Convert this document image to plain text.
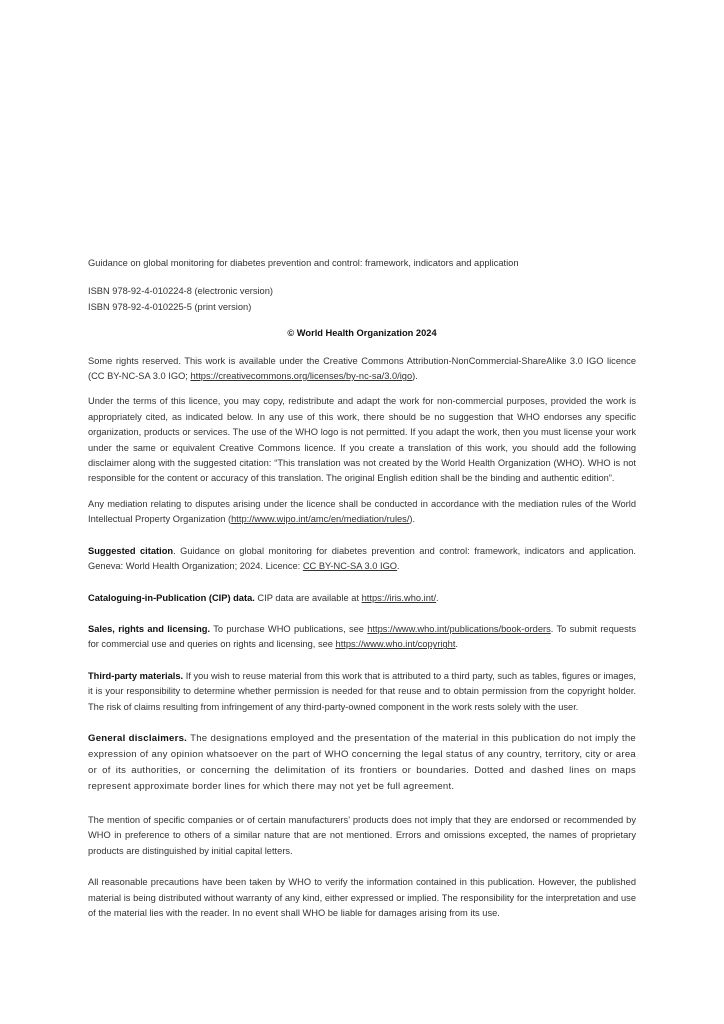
Guidance on global monitoring for diabetes prevention and control: framework, indicators and application

ISBN 978-92-4-010224-8 (electronic version)

ISBN 978-92-4-010225-5 (print version)

© World Health Organization 2024

Some rights reserved. This work is available under the Creative Commons Attribution-NonCommercial-ShareAlike 3.0 IGO licence (CC BY-NC-SA 3.0 IGO; https://creativecommons.org/licenses/by-nc-sa/3.0/igo).

Under the terms of this licence, you may copy, redistribute and adapt the work for non-commercial purposes, provided the work is appropriately cited, as indicated below. In any use of this work, there should be no suggestion that WHO endorses any specific organization, products or services. The use of the WHO logo is not permitted. If you adapt the work, then you must license your work under the same or equivalent Creative Commons licence. If you create a translation of this work, you should add the following disclaimer along with the suggested citation: “This translation was not created by the World Health Organization (WHO). WHO is not responsible for the content or accuracy of this translation. The original English edition shall be the binding and authentic edition”.

Any mediation relating to disputes arising under the licence shall be conducted in accordance with the mediation rules of the World Intellectual Property Organization (http://www.wipo.int/amc/en/mediation/rules/).

Suggested citation. Guidance on global monitoring for diabetes prevention and control: framework, indicators and application. Geneva: World Health Organization; 2024. Licence: CC BY-NC-SA 3.0 IGO.

Cataloguing-in-Publication (CIP) data. CIP data are available at https://iris.who.int/.

Sales, rights and licensing. To purchase WHO publications, see https://www.who.int/publications/book-orders. To submit requests for commercial use and queries on rights and licensing, see https://www.who.int/copyright.

Third-party materials. If you wish to reuse material from this work that is attributed to a third party, such as tables, figures or images, it is your responsibility to determine whether permission is needed for that reuse and to obtain permission from the copyright holder. The risk of claims resulting from infringement of any third-party-owned component in the work rests solely with the user.

General disclaimers. The designations employed and the presentation of the material in this publication do not imply the expression of any opinion whatsoever on the part of WHO concerning the legal status of any country, territory, city or area or of its authorities, or concerning the delimitation of its frontiers or boundaries. Dotted and dashed lines on maps represent approximate border lines for which there may not yet be full agreement.

The mention of specific companies or of certain manufacturers’ products does not imply that they are endorsed or recommended by WHO in preference to others of a similar nature that are not mentioned. Errors and omissions excepted, the names of proprietary products are distinguished by initial capital letters.

All reasonable precautions have been taken by WHO to verify the information contained in this publication. However, the published material is being distributed without warranty of any kind, either expressed or implied. The responsibility for the interpretation and use of the material lies with the reader. In no event shall WHO be liable for damages arising from its use.
